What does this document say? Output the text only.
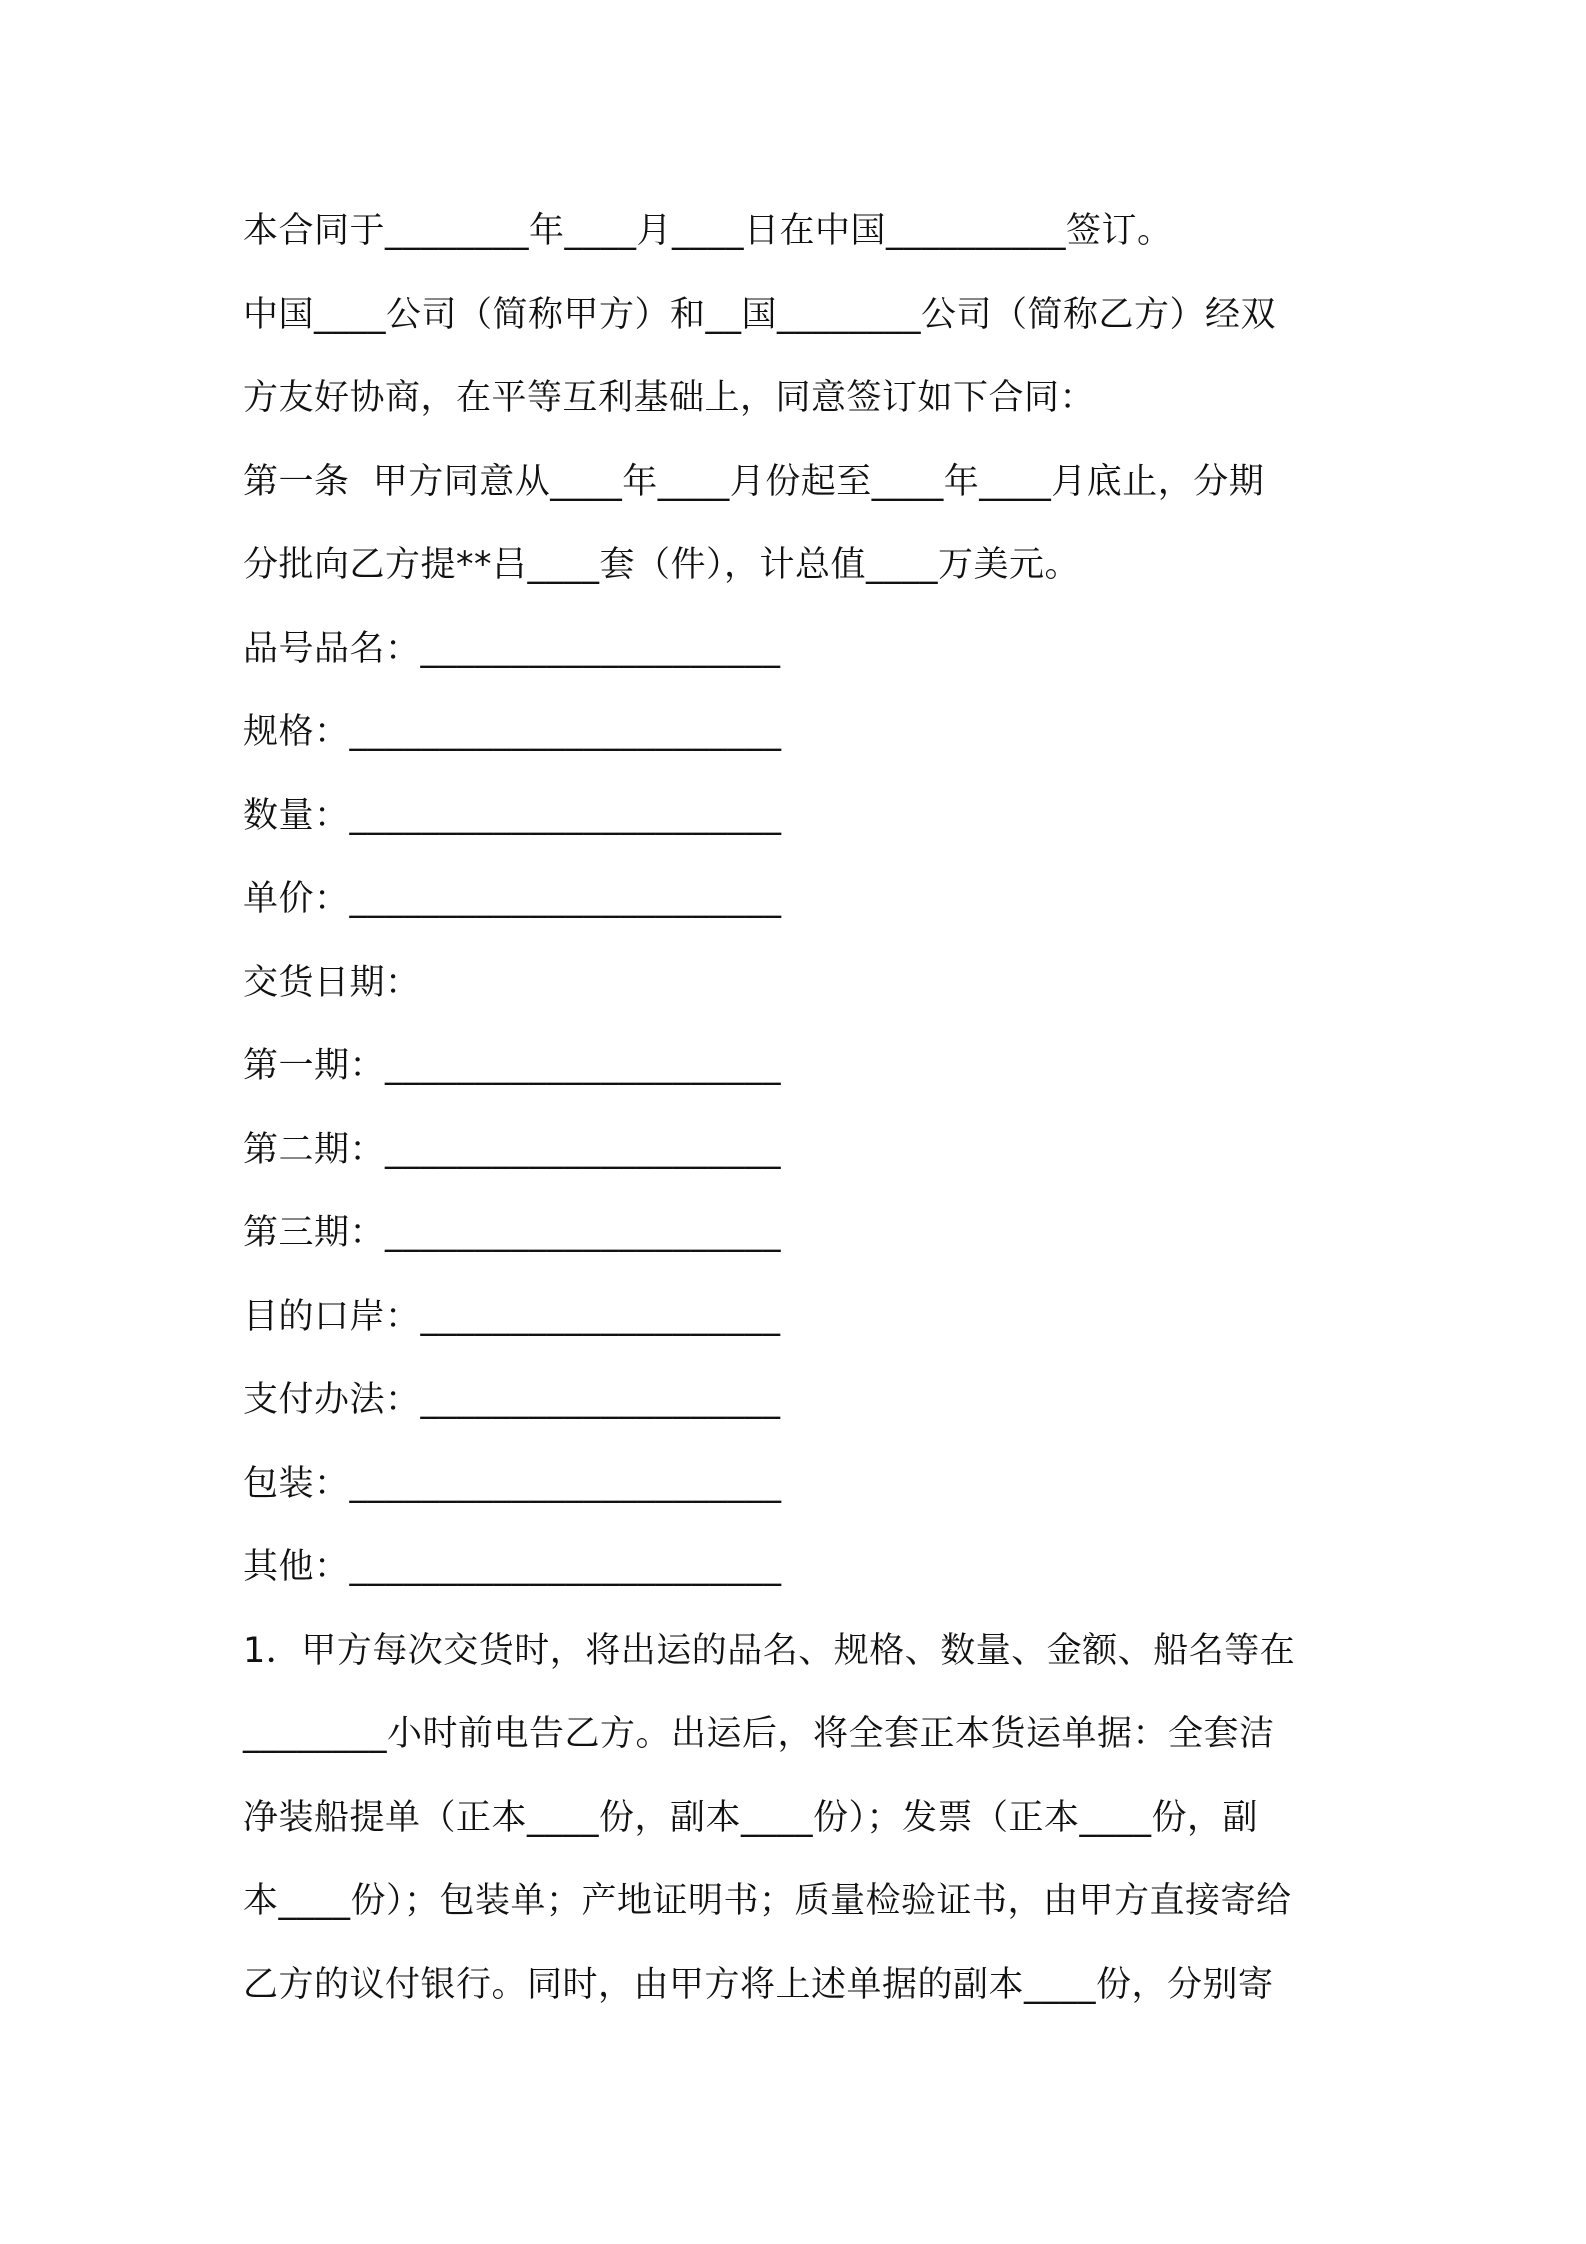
本合同于________年____月____日在中国__________签订。
中国____公司（简称甲方）和__国________公司（简称乙方）经双
方友好协商，在平等互利基础上，同意签订如下合同：
第一条  甲方同意从____年____月份起至____年____月底止，分期
分批向乙方提**吕____套（件），计总值____万美元。
品号品名：____________________
规格：________________________
数量：________________________
单价：________________________
交货日期：
第一期：______________________
第二期：______________________
第三期：______________________
目的口岸：____________________
支付办法：____________________
包装：________________________
其他：________________________
1．甲方每次交货时，将出运的品名、规格、数量、金额、船名等在
________小时前电告乙方。出运后，将全套正本货运单据：全套洁
净装船提单（正本____份，副本____份）；发票（正本____份，副
本____份）；包装单；产地证明书；质量检验证书，由甲方直接寄给
乙方的议付银行。同时，由甲方将上述单据的副本____份，分别寄
